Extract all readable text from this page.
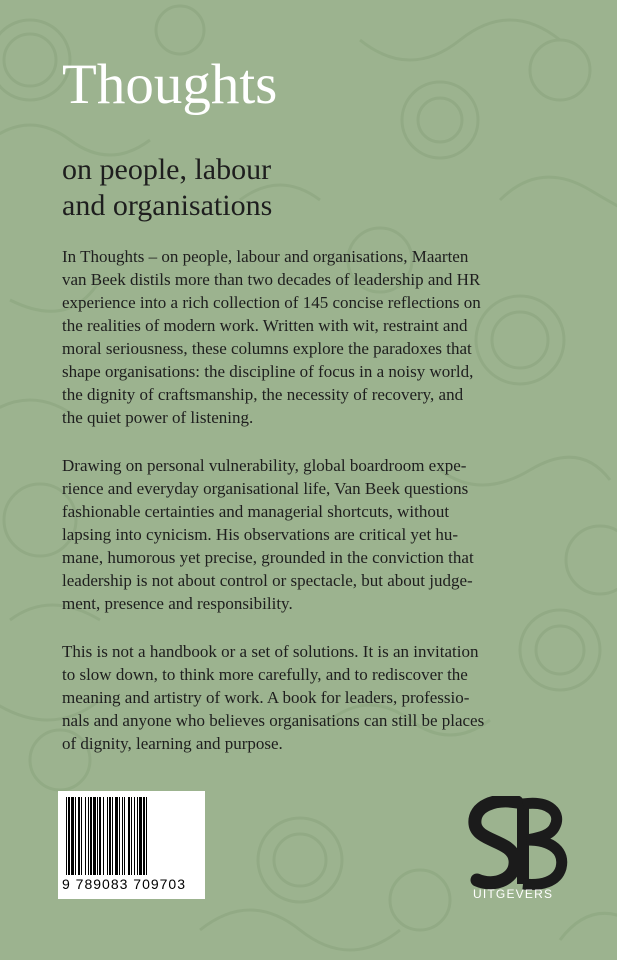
Thoughts
on people, labour
and organisations

In Thoughts – on people, labour and organisations, Maarten
van Beek distils more than two decades of leadership and HR
experience into a rich collection of 145 concise reflections on
the realities of modern work. Written with wit, restraint and
moral seriousness, these columns explore the paradoxes that
shape organisations: the discipline of focus in a noisy world,
the dignity of craftsmanship, the necessity of recovery, and
the quiet power of listening.

Drawing on personal vulnerability, global boardroom expe-
rience and everyday organisational life, Van Beek questions
fashionable certainties and managerial shortcuts, without
lapsing into cynicism. His observations are critical yet hu-
mane, humorous yet precise, grounded in the conviction that
leadership is not about control or spectacle, but about judge-
ment, presence and responsibility.

This is not a handbook or a set of solutions. It is an invitation
to slow down, to think more carefully, and to rediscover the
meaning and artistry of work. A book for leaders, professio-
nals and anyone who believes organisations can still be places
of dignity, learning and purpose.

9 789083 709703
UITGEVERS
